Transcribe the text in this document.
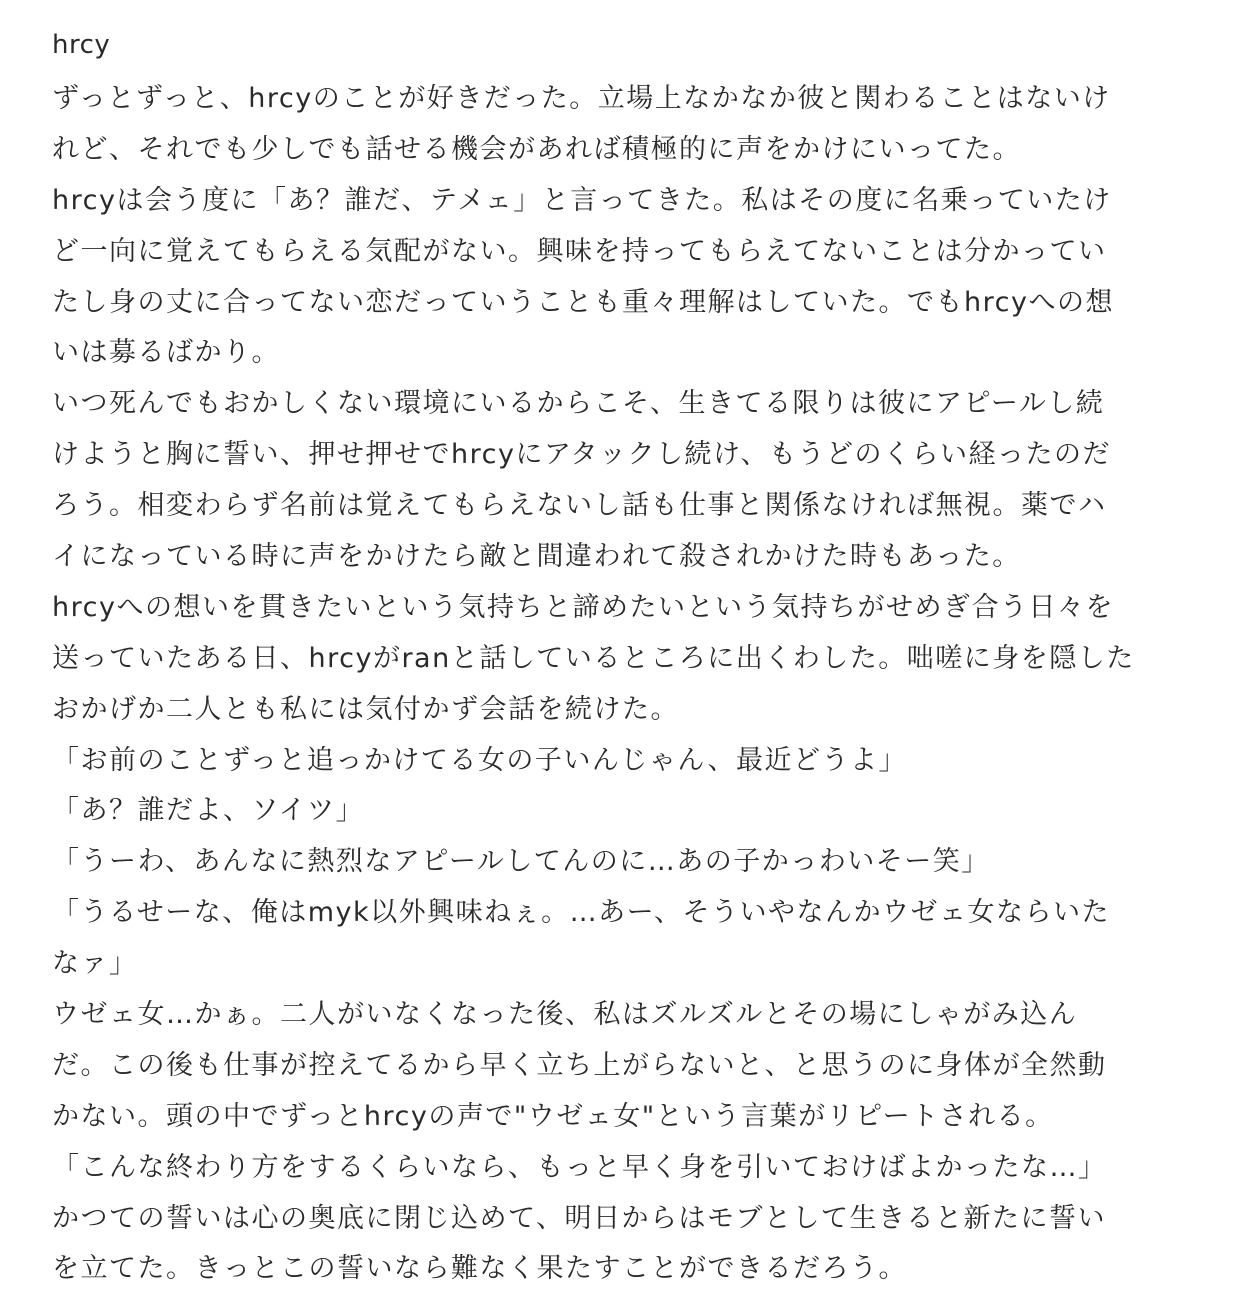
hrcy
ずっとずっと、hrcyのことが好きだった。立場上なかなか彼と関わることはないけ
れど、それでも少しでも話せる機会があれば積極的に声をかけにいってた。
hrcyは会う度に「あ？誰だ、テメェ」と言ってきた。私はその度に名乗っていたけ
ど一向に覚えてもらえる気配がない。興味を持ってもらえてないことは分かってい
たし身の丈に合ってない恋だっていうことも重々理解はしていた。でもhrcyへの想
いは募るばかり。
いつ死んでもおかしくない環境にいるからこそ、生きてる限りは彼にアピールし続
けようと胸に誓い、押せ押せでhrcyにアタックし続け、もうどのくらい経ったのだ
ろう。相変わらず名前は覚えてもらえないし話も仕事と関係なければ無視。薬でハ
イになっている時に声をかけたら敵と間違われて殺されかけた時もあった。
hrcyへの想いを貫きたいという気持ちと諦めたいという気持ちがせめぎ合う日々を
送っていたある日、hrcyがranと話しているところに出くわした。咄嗟に身を隠した
おかげか二人とも私には気付かず会話を続けた。
「お前のことずっと追っかけてる女の子いんじゃん、最近どうよ」
「あ？誰だよ、ソイツ」
「うーわ、あんなに熱烈なアピールしてんのに…あの子かっわいそー笑」
「うるせーな、俺はmyk以外興味ねぇ。…あー、そういやなんかウゼェ女ならいた
なァ」
ウゼェ女…かぁ。二人がいなくなった後、私はズルズルとその場にしゃがみ込ん
だ。この後も仕事が控えてるから早く立ち上がらないと、と思うのに身体が全然動
かない。頭の中でずっとhrcyの声で"ウゼェ女"という言葉がリピートされる。
「こんな終わり方をするくらいなら、もっと早く身を引いておけばよかったな…」
かつての誓いは心の奥底に閉じ込めて、明日からはモブとして生きると新たに誓い
を立てた。きっとこの誓いなら難なく果たすことができるだろう。
